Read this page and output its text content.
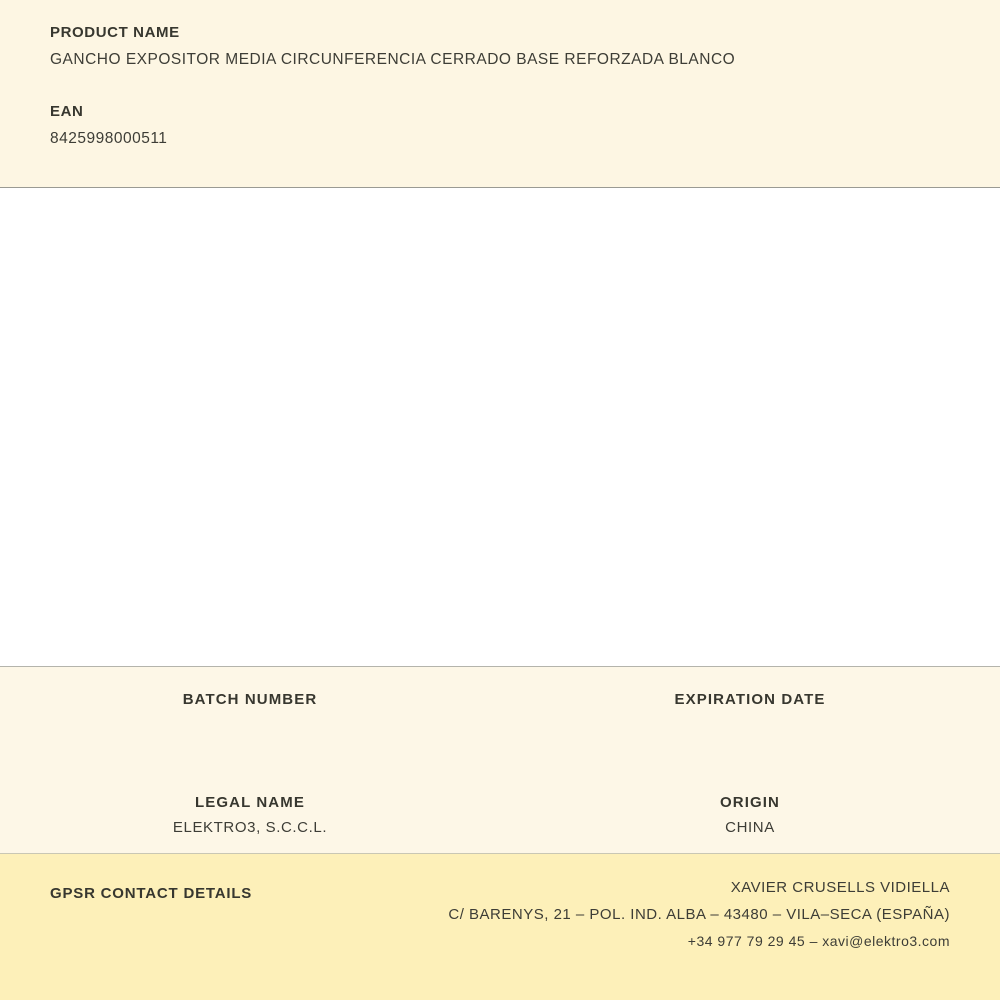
PRODUCT NAME

GANCHO EXPOSITOR MEDIA CIRCUNFERENCIA CERRADO BASE REFORZADA BLANCO

EAN

8425998000511

BATCH NUMBER	EXPIRATION DATE

LEGAL NAME

ELEKTRO3, S.C.C.L.

ORIGIN

CHINA

GPSR CONTACT DETAILS	XAVIER CRUSELLS VIDIELLA
C/ BARENYS, 21 – POL. IND. ALBA – 43480 – VILA–SECA (ESPAÑA)
+34 977 79 29 45 – xavi@elektro3.com
